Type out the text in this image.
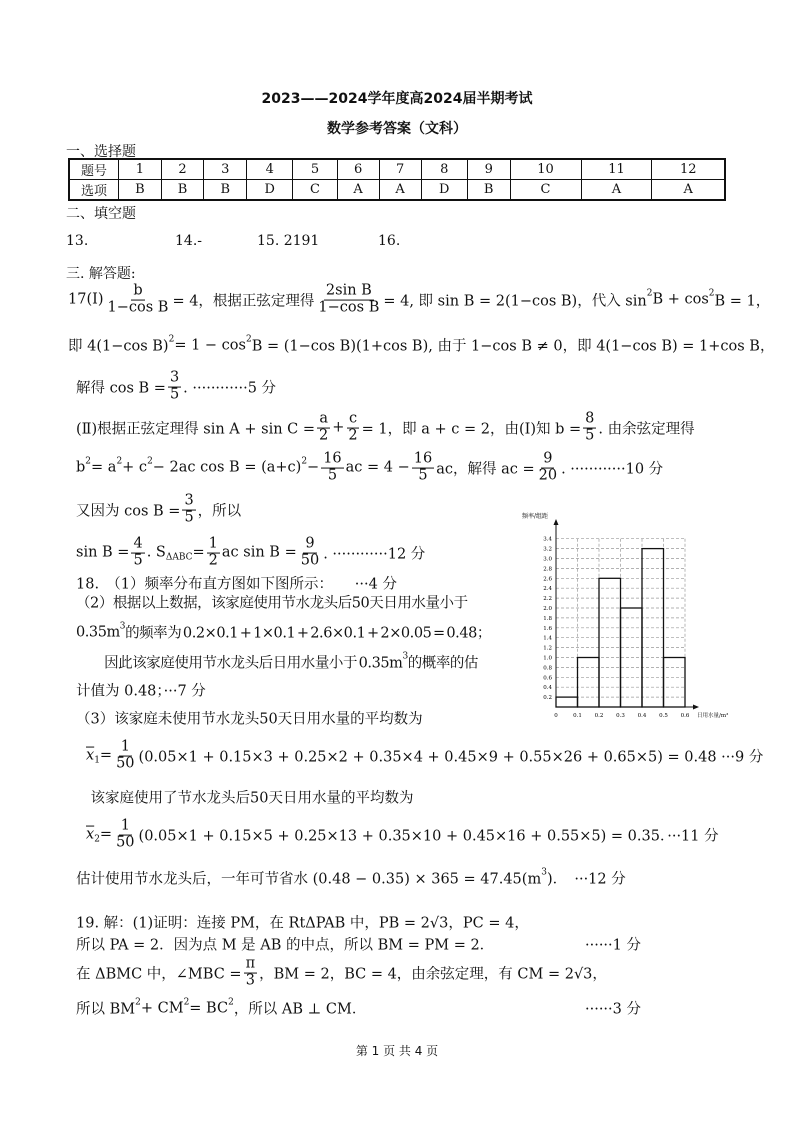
2023——2024学年度高2024届半期考试
数学参考答案（文科）
一、选择题
题号	1	2	3	4	5	6	7	8	9	10	11	12
选项	B	B	B	D	C	A	A	D	B	C	A	A
二、填空题
13.	14.-	15. 2191	16.
三. 解答题:
17(Ⅰ) $\frac{b}{\text{1−cos B}} = 4$，根据正弦定理得 $\frac{\text{2sin B}}{\text{1−cos B}} = 4$, 即 sin B = 2(1−cos B)，代入 sin 2 B + cos 2 B = 1，
即 4(1−cos B) 2 = 1 − cos 2 B = (1−cos B)(1+cos B), 由于 1−cos B ≠ 0，即 4(1−cos B) = 1+cos B，
解得 $\cos B = \frac{3}{5}$ . ············5 分
(Ⅱ)根据正弦定理得 $\sin A + \sin C = \frac{a}{2} + \frac{c}{2} = 1$，即 a + c = 2，由(Ⅰ)知 $b = \frac{8}{5}$ . 由余弦定理得
b 2 = a 2 + c 2 − 2ac cos B = (a+c) $2 - \frac{16}{5}$ ac = $4 - \frac{16}{5}$ ac，解得 ac = $\frac{9}{20}$ . ············10 分
又因为 $\cos B = \frac{3}{5}$ ，所以
$\sin B = \frac{4}{5}$ . S $\Delta ABC = \frac{1}{2}$ ac $\sin B = \frac{9}{50}$ . ············12 分
18.　（1）频率分布直方图如下图所示：　　···4 分
（2）根据以上数据，该家庭使用节水龙头后50天日用水量小于
0.35m 3 的频率为 0.2×0.1 + 1×0.1 + 2.6×0.1 + 2×0.05 = 0.48；
　　因此该家庭使用节水龙头后日用水量小于 0.35m 3 的概率的估
计值为 0.48；···7 分
（3）该家庭未使用节水龙头50天日用水量的平均数为
$\overline{x}$ $1 = \frac{1}{50} (0.05\times 1 + 0.15\times 3 + 0.25\times 2 + 0.35\times 4 + 0.45\times 9 + 0.55\times 26 + 0.65\times 5) = 0.48 \cdot\cdot\cdot 9$ 分
　该家庭使用了节水龙头后50天日用水量的平均数为
$\overline{x}$ $2 = \frac{1}{50} (0.05\times 1 + 0.15\times 5 + 0.25\times 13 + 0.35\times 10 + 0.45\times 16 + 0.55\times 5) = 0.35$．···11 分
估计使用节水龙头后，一年可节省水 (0.48 − 0.35) × 365 = 47.45(m 3 )．　···12 分
19. 解：(1)证明：连接 PM，在 RtΔPAB 中，PB = 2√3，PC = 4，
所以 PA = 2．因为点 M 是 AB 的中点，所以 BM = PM = 2．	······1 分
在 ΔBMC 中，∠MBC = $\frac{\pi}{3}$ ，BM = 2，BC = 4，由余弦定理，有 CM = 2√3，
所以 BM 2 + CM 2 = BC 2 ，所以 AB ⊥ CM．	······3 分
0.2
0.4
0.6
0.8
1.0
1.2
1.4
1.6
1.8
2.0
2.2
2.4
2.6
2.8
3.0
3.2
3.4
0	0.1 0.2 0.3 0.4 0.5 0.6
频率/组距
日用水量/m³
第 1 页 共 4 页
